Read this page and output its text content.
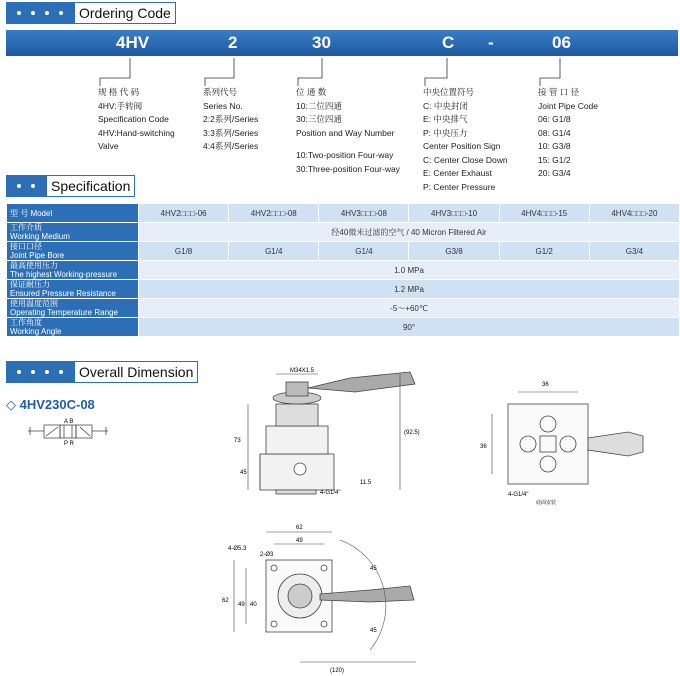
Ordering Code
4HV	2	30	C -	06
规 格 代 码
4HV:手转阀
Specification Code
4HV:Hand-switching
Valve
系列代号
Series No.
2:2系列/Series
3:3系列/Series
4:4系列/Series
位 通 数
10:二位四通
30:三位四通
Position and Way Number
10:Two-position Four-way
30:Three-position Four-way
中央位置符号
C: 中央封闭
E: 中央排气
P: 中央压力
Center Position Sign
C: Center Close Down
E: Center Exhaust
P: Center Pressure
接 管 口 径
Joint Pipe Code
06: G1/8
08: G1/4
10: G3/8
15: G1/2
20: G3/4
Specification
型 号 Model	4HV2□□□-06	4HV2□□□-08	4HV3□□□-08	4HV3□□□-10	4HV4□□□-15	4HV4□□□-20

工作介质
Working Medium	经40微米过滤的空气 / 40 Micron Filtered Air					

接口口径
Joint Pipe Bore	G1/8	G1/4	G1/4	G3/8	G1/2	G3/4

最高使用压力
The highest Working-pressure	1.0 MPa					

保证耐压力
Ensured Pressure Resistance	1.2 MPa					

使用温度范围
Operating Temperature Range	-5～+60℃					

工作角度
Working Angle	90°					
Overall Dimension
◇ 4HV230C-08
A B
P R
M34X1.5
73
45
(92.5)
11.5
4-G1/4"
36
36
4-G1/4"
底面安装
62
49
4-Ø5.3
2-Ø3
62
49 40
45
45
(120)
